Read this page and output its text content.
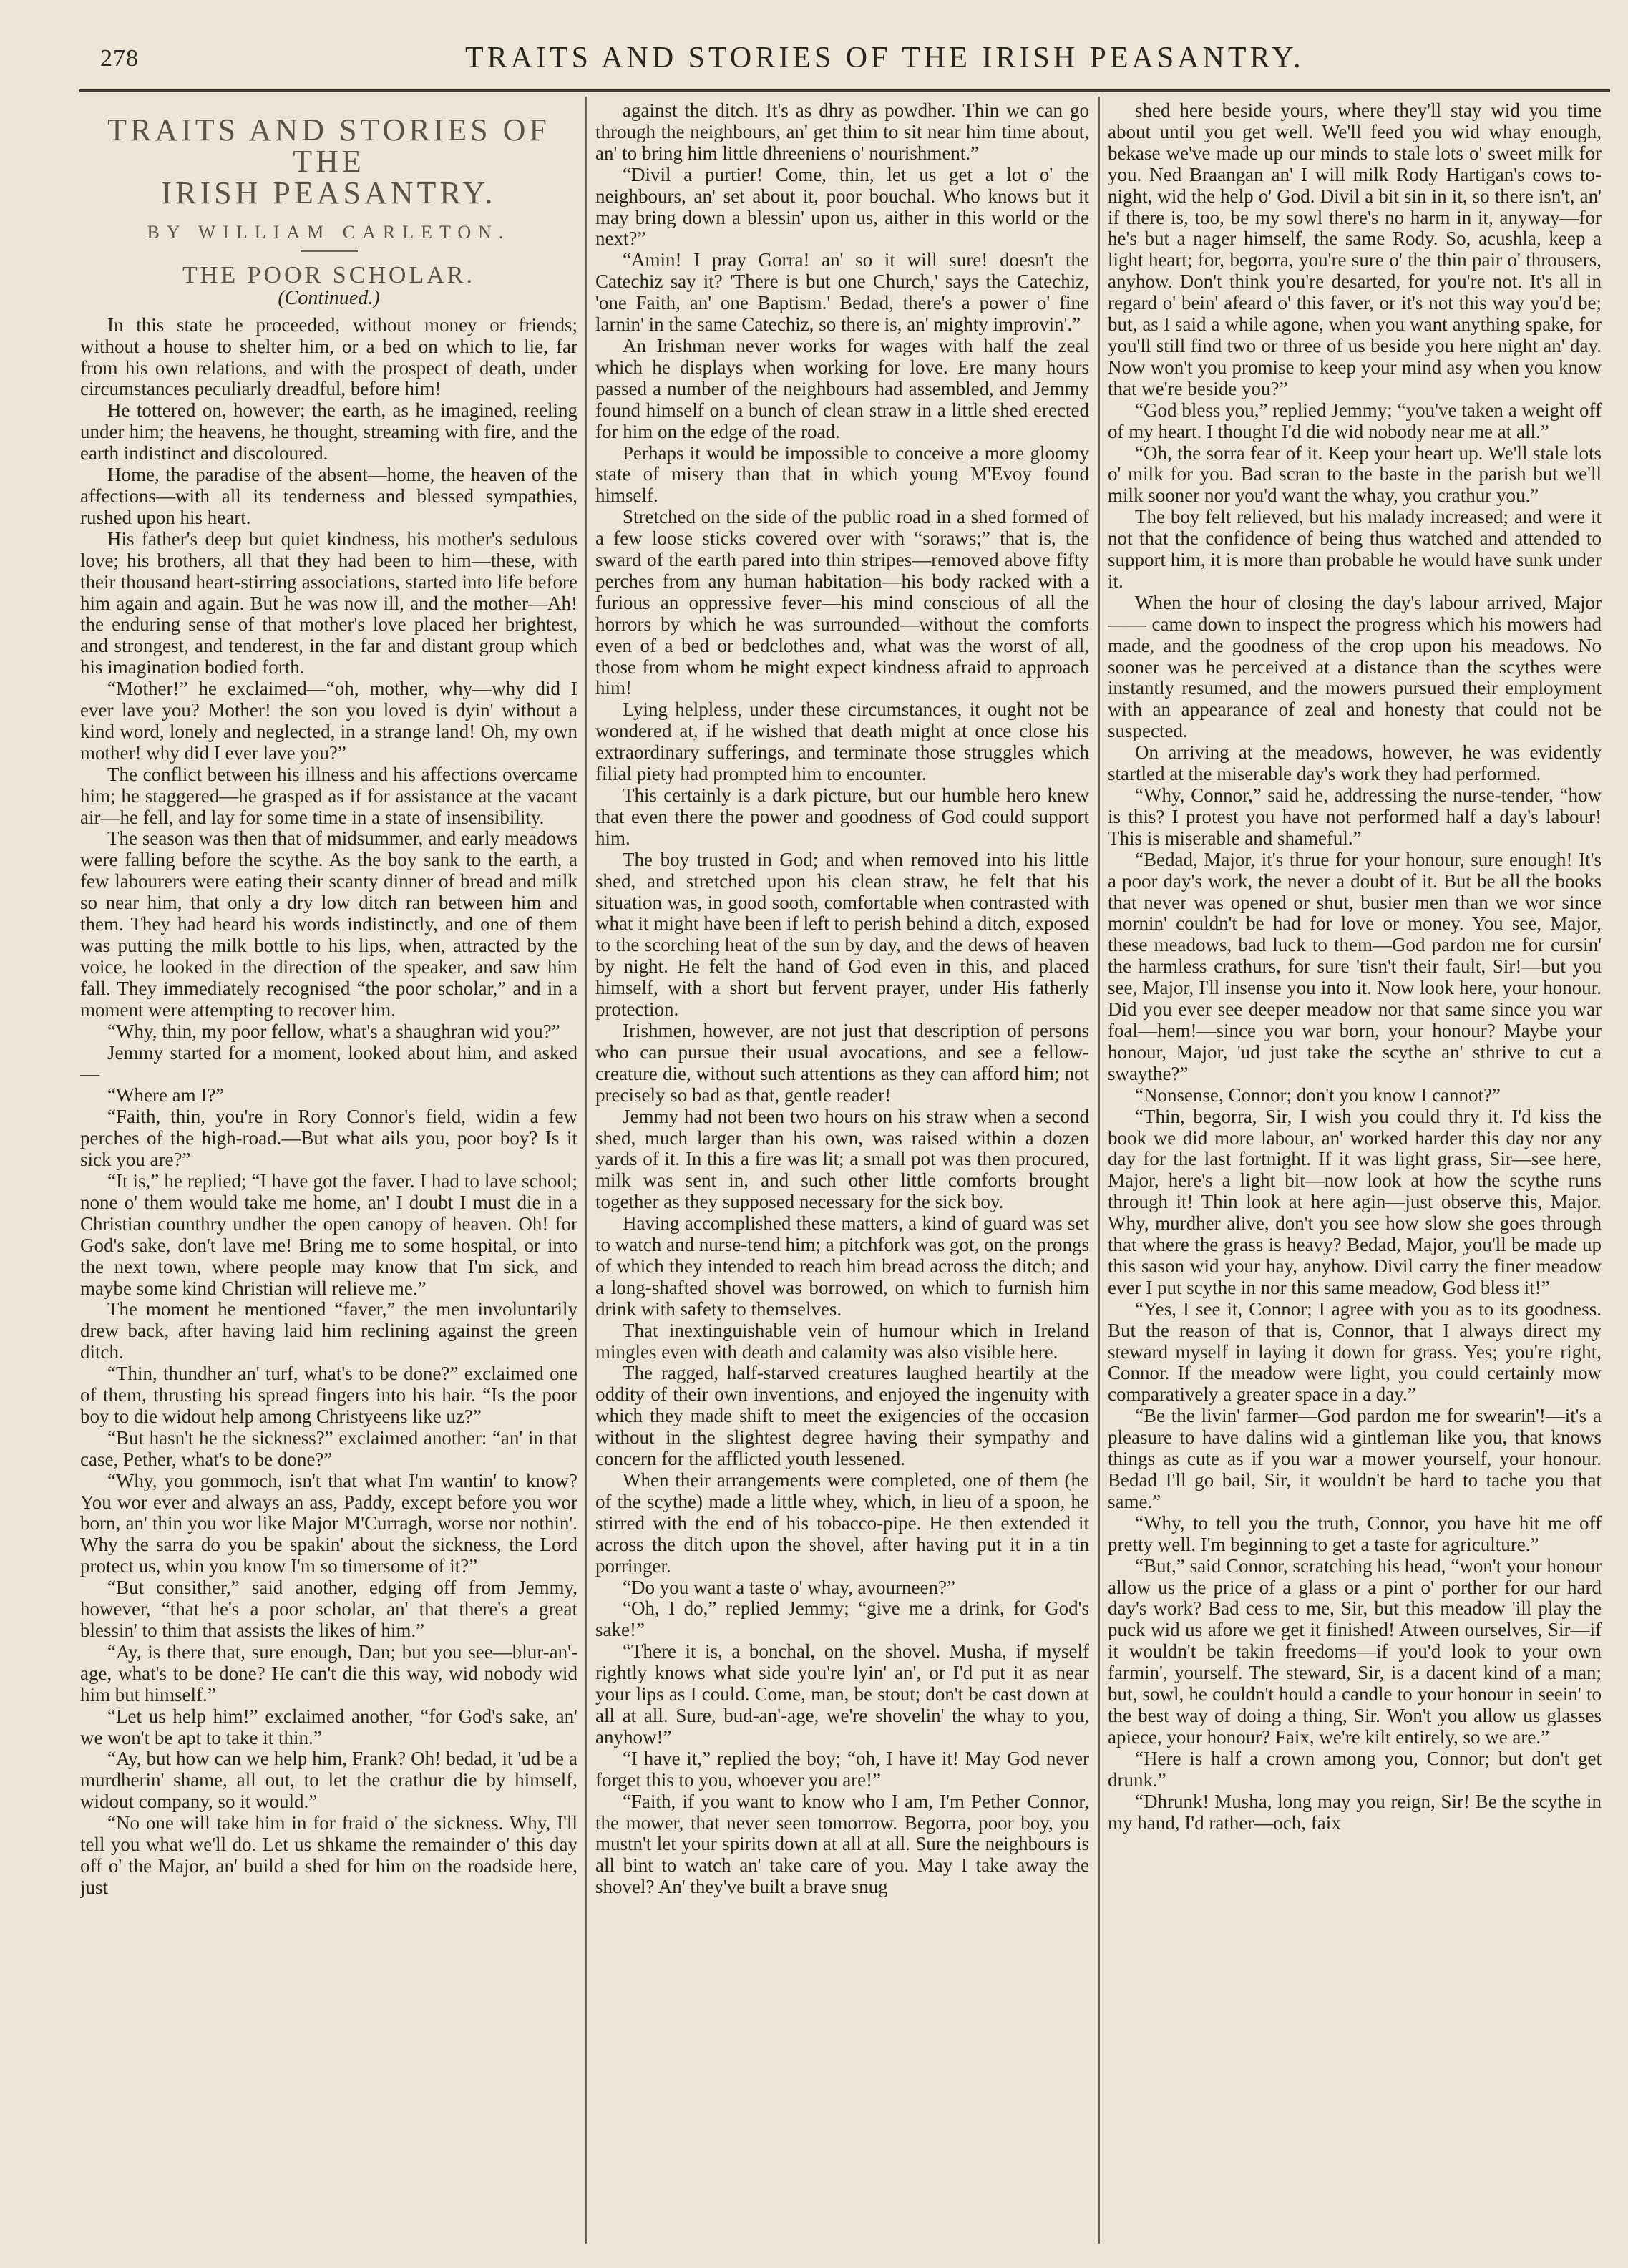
278	TRAITS AND STORIES OF THE IRISH PEASANTRY.
TRAITS AND STORIES OF THE
IRISH PEASANTRY.
BY WILLIAM CARLETON.
THE POOR SCHOLAR.
(Continued.)

In this state he proceeded, without money or friends; without a house to shelter him, or a bed on which to lie, far from his own relations, and with the prospect of death, under circumstances peculiarly dreadful, before him!

He tottered on, however; the earth, as he imagined, reeling under him; the heavens, he thought, streaming with fire, and the earth indistinct and discoloured.

Home, the paradise of the absent—home, the heaven of the affections—with all its tenderness and blessed sympathies, rushed upon his heart.

His father's deep but quiet kindness, his mother's sedulous love; his brothers, all that they had been to him—these, with their thousand heart-stirring associations, started into life before him again and again. But he was now ill, and the mother—Ah! the enduring sense of that mother's love placed her brightest, and strongest, and tenderest, in the far and distant group which his imagination bodied forth.

“Mother!” he exclaimed—“oh, mother, why—why did I ever lave you? Mother! the son you loved is dyin' without a kind word, lonely and neglected, in a strange land! Oh, my own mother! why did I ever lave you?”

The conflict between his illness and his affections overcame him; he staggered—he grasped as if for assistance at the vacant air—he fell, and lay for some time in a state of insensibility.

The season was then that of midsummer, and early meadows were falling before the scythe. As the boy sank to the earth, a few labourers were eating their scanty dinner of bread and milk so near him, that only a dry low ditch ran between him and them. They had heard his words indistinctly, and one of them was putting the milk bottle to his lips, when, attracted by the voice, he looked in the direction of the speaker, and saw him fall. They immediately recognised “the poor scholar,” and in a moment were attempting to recover him.

“Why, thin, my poor fellow, what's a shaughran wid you?”

Jemmy started for a moment, looked about him, and asked—

“Where am I?”

“Faith, thin, you're in Rory Connor's field, widin a few perches of the high-road.—But what ails you, poor boy? Is it sick you are?”

“It is,” he replied; “I have got the faver. I had to lave school; none o' them would take me home, an' I doubt I must die in a Christian counthry undher the open canopy of heaven. Oh! for God's sake, don't lave me! Bring me to some hospital, or into the next town, where people may know that I'm sick, and maybe some kind Christian will relieve me.”

The moment he mentioned “faver,” the men involuntarily drew back, after having laid him reclining against the green ditch.

“Thin, thundher an' turf, what's to be done?” exclaimed one of them, thrusting his spread fingers into his hair. “Is the poor boy to die widout help among Christyeens like uz?”

“But hasn't he the sickness?” exclaimed another: “an' in that case, Pether, what's to be done?”

“Why, you gommoch, isn't that what I'm wantin' to know? You wor ever and always an ass, Paddy, except before you wor born, an' thin you wor like Major M'Curragh, worse nor nothin'. Why the sarra do you be spakin' about the sickness, the Lord protect us, whin you know I'm so timersome of it?”

“But consither,” said another, edging off from Jemmy, however, “that he's a poor scholar, an' that there's a great blessin' to thim that assists the likes of him.”

“Ay, is there that, sure enough, Dan; but you see—blur-an'-age, what's to be done? He can't die this way, wid nobody wid him but himself.”

“Let us help him!” exclaimed another, “for God's sake, an' we won't be apt to take it thin.”

“Ay, but how can we help him, Frank? Oh! bedad, it 'ud be a murdherin' shame, all out, to let the crathur die by himself, widout company, so it would.”

“No one will take him in for fraid o' the sickness. Why, I'll tell you what we'll do. Let us shkame the remainder o' this day off o' the Major, an' build a shed for him on the roadside here, just

against the ditch. It's as dhry as powdher. Thin we can go through the neighbours, an' get thim to sit near him time about, an' to bring him little dhreeniens o' nourishment.”

“Divil a purtier! Come, thin, let us get a lot o' the neighbours, an' set about it, poor bouchal. Who knows but it may bring down a blessin' upon us, aither in this world or the next?”

“Amin! I pray Gorra! an' so it will sure! doesn't the Catechiz say it? 'There is but one Church,' says the Catechiz, 'one Faith, an' one Baptism.' Bedad, there's a power o' fine larnin' in the same Catechiz, so there is, an' mighty improvin'.”

An Irishman never works for wages with half the zeal which he displays when working for love. Ere many hours passed a number of the neighbours had assembled, and Jemmy found himself on a bunch of clean straw in a little shed erected for him on the edge of the road.

Perhaps it would be impossible to conceive a more gloomy state of misery than that in which young M'Evoy found himself.

Stretched on the side of the public road in a shed formed of a few loose sticks covered over with “soraws;” that is, the sward of the earth pared into thin stripes—removed above fifty perches from any human habitation—his body racked with a furious an oppressive fever—his mind conscious of all the horrors by which he was surrounded—without the comforts even of a bed or bedclothes and, what was the worst of all, those from whom he might expect kindness afraid to approach him!

Lying helpless, under these circumstances, it ought not be wondered at, if he wished that death might at once close his extraordinary sufferings, and terminate those struggles which filial piety had prompted him to encounter.

This certainly is a dark picture, but our humble hero knew that even there the power and goodness of God could support him.

The boy trusted in God; and when removed into his little shed, and stretched upon his clean straw, he felt that his situation was, in good sooth, comfortable when contrasted with what it might have been if left to perish behind a ditch, exposed to the scorching heat of the sun by day, and the dews of heaven by night. He felt the hand of God even in this, and placed himself, with a short but fervent prayer, under His fatherly protection.

Irishmen, however, are not just that description of persons who can pursue their usual avocations, and see a fellow-creature die, without such attentions as they can afford him; not precisely so bad as that, gentle reader!

Jemmy had not been two hours on his straw when a second shed, much larger than his own, was raised within a dozen yards of it. In this a fire was lit; a small pot was then procured, milk was sent in, and such other little comforts brought together as they supposed necessary for the sick boy.

Having accomplished these matters, a kind of guard was set to watch and nurse-tend him; a pitchfork was got, on the prongs of which they intended to reach him bread across the ditch; and a long-shafted shovel was borrowed, on which to furnish him drink with safety to themselves.

That inextinguishable vein of humour which in Ireland mingles even with death and calamity was also visible here.

The ragged, half-starved creatures laughed heartily at the oddity of their own inventions, and enjoyed the ingenuity with which they made shift to meet the exigencies of the occasion without in the slightest degree having their sympathy and concern for the afflicted youth lessened.

When their arrangements were completed, one of them (he of the scythe) made a little whey, which, in lieu of a spoon, he stirred with the end of his tobacco-pipe. He then extended it across the ditch upon the shovel, after having put it in a tin porringer.

“Do you want a taste o' whay, avourneen?”

“Oh, I do,” replied Jemmy; “give me a drink, for God's sake!”

“There it is, a bonchal, on the shovel. Musha, if myself rightly knows what side you're lyin' an', or I'd put it as near your lips as I could. Come, man, be stout; don't be cast down at all at all. Sure, bud-an'-age, we're shovelin' the whay to you, anyhow!”

“I have it,” replied the boy; “oh, I have it! May God never forget this to you, whoever you are!”

“Faith, if you want to know who I am, I'm Pether Connor, the mower, that never seen tomorrow. Begorra, poor boy, you mustn't let your spirits down at all at all. Sure the neighbours is all bint to watch an' take care of you. May I take away the shovel? An' they've built a brave snug

shed here beside yours, where they'll stay wid you time about until you get well. We'll feed you wid whay enough, bekase we've made up our minds to stale lots o' sweet milk for you. Ned Braangan an' I will milk Rody Hartigan's cows to-night, wid the help o' God. Divil a bit sin in it, so there isn't, an' if there is, too, be my sowl there's no harm in it, anyway—for he's but a nager himself, the same Rody. So, acushla, keep a light heart; for, begorra, you're sure o' the thin pair o' throusers, anyhow. Don't think you're desarted, for you're not. It's all in regard o' bein' afeard o' this faver, or it's not this way you'd be; but, as I said a while agone, when you want anything spake, for you'll still find two or three of us beside you here night an' day. Now won't you promise to keep your mind asy when you know that we're beside you?”

“God bless you,” replied Jemmy; “you've taken a weight off of my heart. I thought I'd die wid nobody near me at all.”

“Oh, the sorra fear of it. Keep your heart up. We'll stale lots o' milk for you. Bad scran to the baste in the parish but we'll milk sooner nor you'd want the whay, you crathur you.”

The boy felt relieved, but his malady increased; and were it not that the confidence of being thus watched and attended to support him, it is more than probable he would have sunk under it.

When the hour of closing the day's labour arrived, Major —— came down to inspect the progress which his mowers had made, and the goodness of the crop upon his meadows. No sooner was he perceived at a distance than the scythes were instantly resumed, and the mowers pursued their employment with an appearance of zeal and honesty that could not be suspected.

On arriving at the meadows, however, he was evidently startled at the miserable day's work they had performed.

“Why, Connor,” said he, addressing the nurse-tender, “how is this? I protest you have not performed half a day's labour! This is miserable and shameful.”

“Bedad, Major, it's thrue for your honour, sure enough! It's a poor day's work, the never a doubt of it. But be all the books that never was opened or shut, busier men than we wor since mornin' couldn't be had for love or money. You see, Major, these meadows, bad luck to them—God pardon me for cursin' the harmless crathurs, for sure 'tisn't their fault, Sir!—but you see, Major, I'll insense you into it. Now look here, your honour. Did you ever see deeper meadow nor that same since you war foal—hem!—since you war born, your honour? Maybe your honour, Major, 'ud just take the scythe an' sthrive to cut a swaythe?”

“Nonsense, Connor; don't you know I cannot?”

“Thin, begorra, Sir, I wish you could thry it. I'd kiss the book we did more labour, an' worked harder this day nor any day for the last fortnight. If it was light grass, Sir—see here, Major, here's a light bit—now look at how the scythe runs through it! Thin look at here agin—just observe this, Major. Why, murdher alive, don't you see how slow she goes through that where the grass is heavy? Bedad, Major, you'll be made up this sason wid your hay, anyhow. Divil carry the finer meadow ever I put scythe in nor this same meadow, God bless it!”

“Yes, I see it, Connor; I agree with you as to its goodness. But the reason of that is, Connor, that I always direct my steward myself in laying it down for grass. Yes; you're right, Connor. If the meadow were light, you could certainly mow comparatively a greater space in a day.”

“Be the livin' farmer—God pardon me for swearin'!—it's a pleasure to have dalins wid a gintleman like you, that knows things as cute as if you war a mower yourself, your honour. Bedad I'll go bail, Sir, it wouldn't be hard to tache you that same.”

“Why, to tell you the truth, Connor, you have hit me off pretty well. I'm beginning to get a taste for agriculture.”

“But,” said Connor, scratching his head, “won't your honour allow us the price of a glass or a pint o' porther for our hard day's work? Bad cess to me, Sir, but this meadow 'ill play the puck wid us afore we get it finished! Atween ourselves, Sir—if it wouldn't be takin freedoms—if you'd look to your own farmin', yourself. The steward, Sir, is a dacent kind of a man; but, sowl, he couldn't hould a candle to your honour in seein' to the best way of doing a thing, Sir. Won't you allow us glasses apiece, your honour? Faix, we're kilt entirely, so we are.”

“Here is half a crown among you, Connor; but don't get drunk.”

“Dhrunk! Musha, long may you reign, Sir! Be the scythe in my hand, I'd rather—och, faix
